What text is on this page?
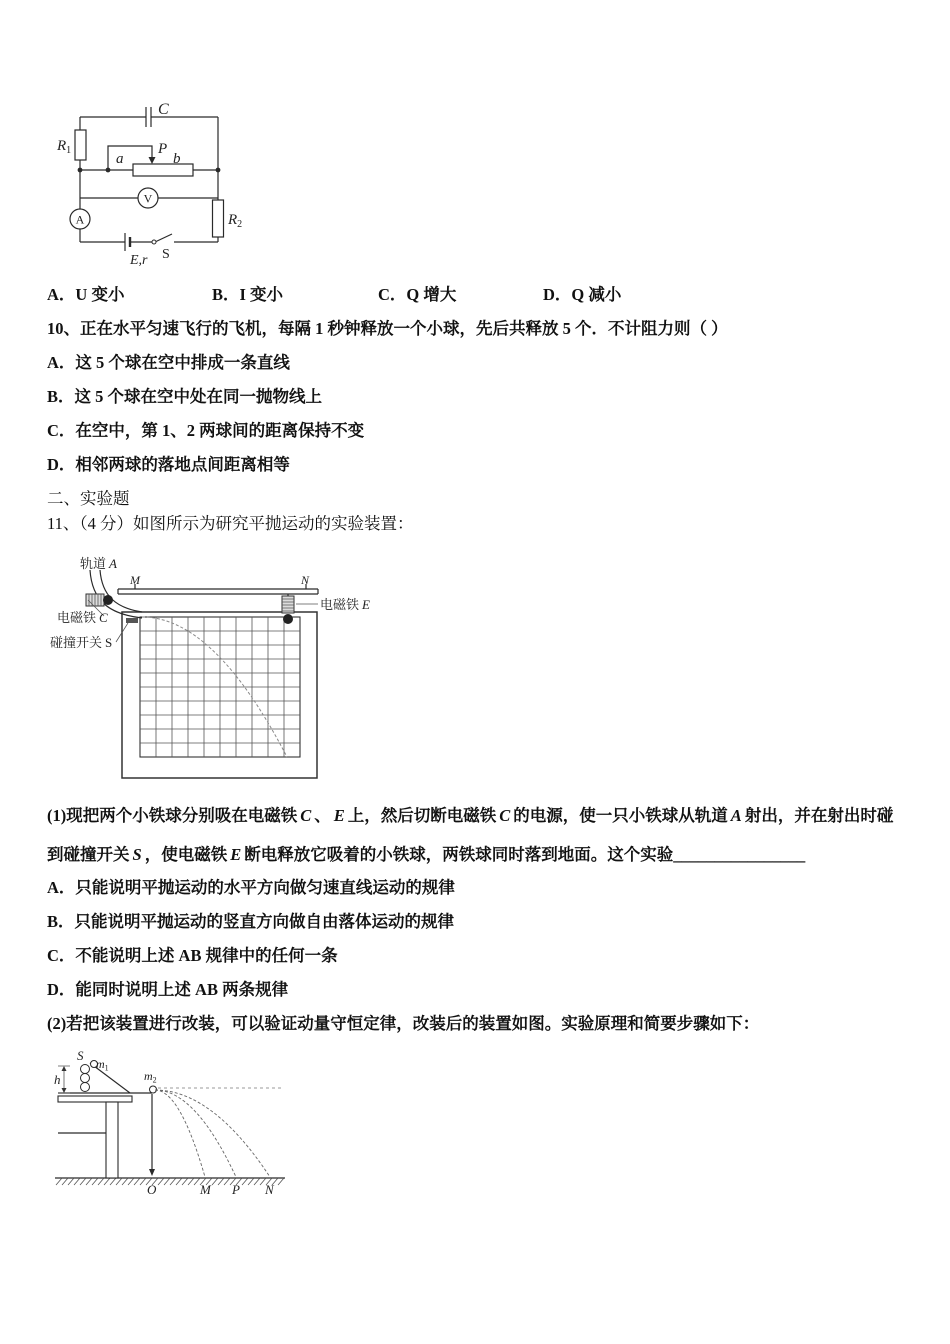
C
$R_1$
a
P
b
V
A	$R_2$
E,r S
A．U 变小	B．I 变小	C．Q 增大	D．Q 减小
10、正在水平匀速飞行的飞机，每隔 1 秒钟释放一个小球，先后共释放 5 个．不计阻力则（ ）
A．这 5 个球在空中排成一条直线
B．这 5 个球在空中处在同一抛物线上
C．在空中，第 1、2 两球间的距离保持不变
D．相邻两球的落地点间距离相等
二、实验题
11、（4 分）如图所示为研究平抛运动的实验装置：
轨道 A
M	N
电磁铁 C
电磁铁 E
碰撞开关 S
(1)现把两个小铁球分别吸在电磁铁 C 、 E 上，然后切断电磁铁 C 的电源，使一只小铁球从轨道 A 射出，并在射出时碰
到碰撞开关 S ，使电磁铁 E 断电释放它吸着的小铁球，两铁球同时落到地面。这个实验________________
A．只能说明平抛运动的水平方向做匀速直线运动的规律
B．只能说明平抛运动的竖直方向做自由落体运动的规律
C．不能说明上述 AB 规律中的任何一条
D．能同时说明上述 AB 两条规律
(2)若把该装置进行改装，可以验证动量守恒定律，改装后的装置如图。实验原理和简要步骤如下：
S
$m_1$
h	$m_2$
O	M P N
